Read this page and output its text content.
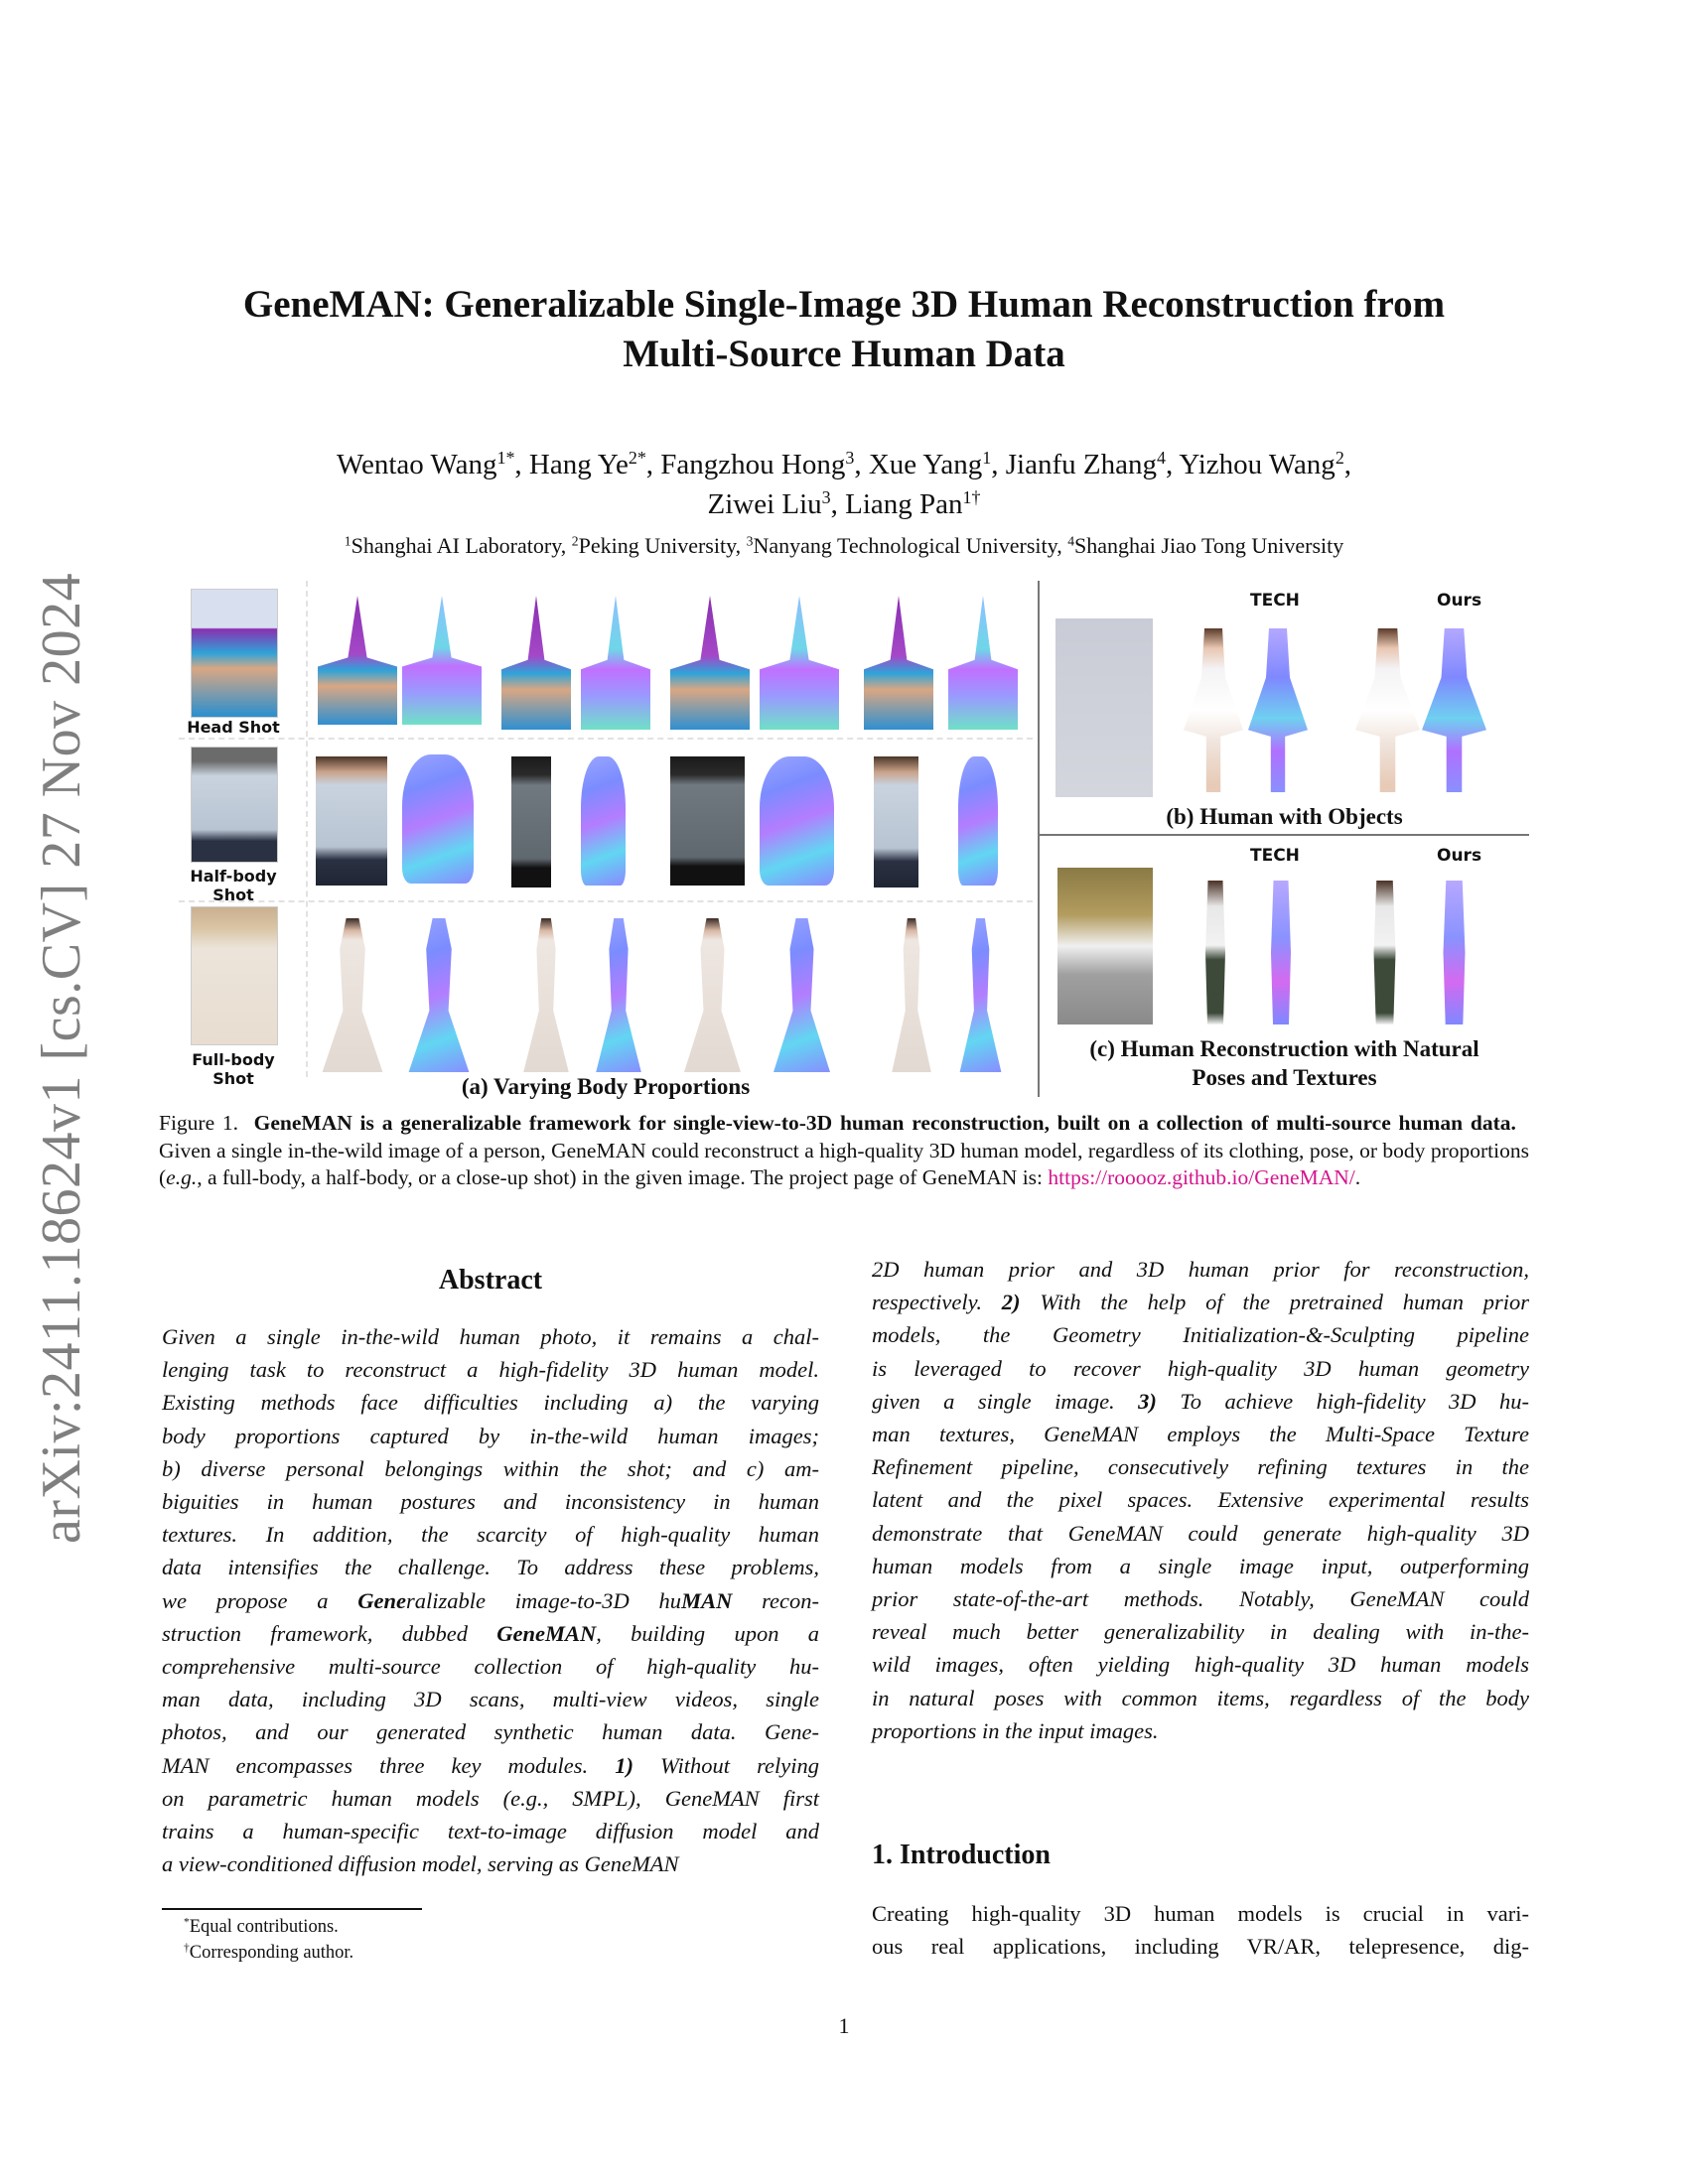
arXiv:2411.18624v1 [cs.CV] 27 Nov 2024
GeneMAN: Generalizable Single-Image 3D Human Reconstruction from
Multi-Source Human Data
Wentao Wang$^{1*}$, Hang $Ye^{2*}$, Fangzhou Hong$^3$, Xue Yang$^1$, Jianfu Zhang$^4$, Yizhou Wang$^2$,
Ziwei Liu$^3$, Liang Pan$^{1\dagger}$
$^1$Shanghai AI Laboratory, $^2$Peking University, $^3$Nanyang Technological University, $^4$Shanghai Jiao Tong University
Head Shot
Half-body Shot
Full-body Shot	(a) Varying Body Proportions
TECH	Ours
(b) Human with Objects
TECH	Ours
(c) Human Reconstruction with Natural
Poses and Textures
Figure 1. GeneMAN is a generalizable framework for single-view-to-3D human reconstruction, built on a collection of multi-source human data.   Given a single in-the-wild image of a person, GeneMAN could reconstruct a high-quality 3D human model, regardless of its clothing, pose, or body proportions (e.g., a full-body, a half-body, or a close-up shot) in the given image. The project page of GeneMAN is: https://rooooz.github.io/GeneMAN/.
Abstract
Given a single in-the-wild human photo, it remains a chal-
lenging task to reconstruct a high-fidelity 3D human model.
Existing methods face difficulties including a) the varying
body proportions captured by in-the-wild human images;
b) diverse personal belongings within the shot; and c) am-
biguities in human postures and inconsistency in human
textures. In addition, the scarcity of high-quality human
data intensifies the challenge. To address these problems,
we propose a Generalizable image-to-3D huMAN recon-
struction framework, dubbed GeneMAN, building upon a
comprehensive multi-source collection of high-quality hu-
man data, including 3D scans, multi-view videos, single
photos, and our generated synthetic human data. Gene-
MAN encompasses three key modules. 1) Without relying
on parametric human models (e.g., SMPL), GeneMAN first
trains a human-specific text-to-image diffusion model and
a view-conditioned diffusion model, serving as GeneMAN
2D human prior and 3D human prior for reconstruction,
respectively. 2) With the help of the pretrained human prior
models, the Geometry Initialization-&-Sculpting pipeline
is leveraged to recover high-quality 3D human geometry
given a single image. 3) To achieve high-fidelity 3D hu-
man textures, GeneMAN employs the Multi-Space Texture
Refinement pipeline, consecutively refining textures in the
latent and the pixel spaces. Extensive experimental results
demonstrate that GeneMAN could generate high-quality 3D
human models from a single image input, outperforming
prior state-of-the-art methods. Notably, GeneMAN could
reveal much better generalizability in dealing with in-the-
wild images, often yielding high-quality 3D human models
in natural poses with common items, regardless of the body
proportions in the input images.
1. Introduction
Creating high-quality 3D human models is crucial in vari-
ous real applications, including VR/AR, telepresence, dig-
*Equal contributions.
†Corresponding author.
1
